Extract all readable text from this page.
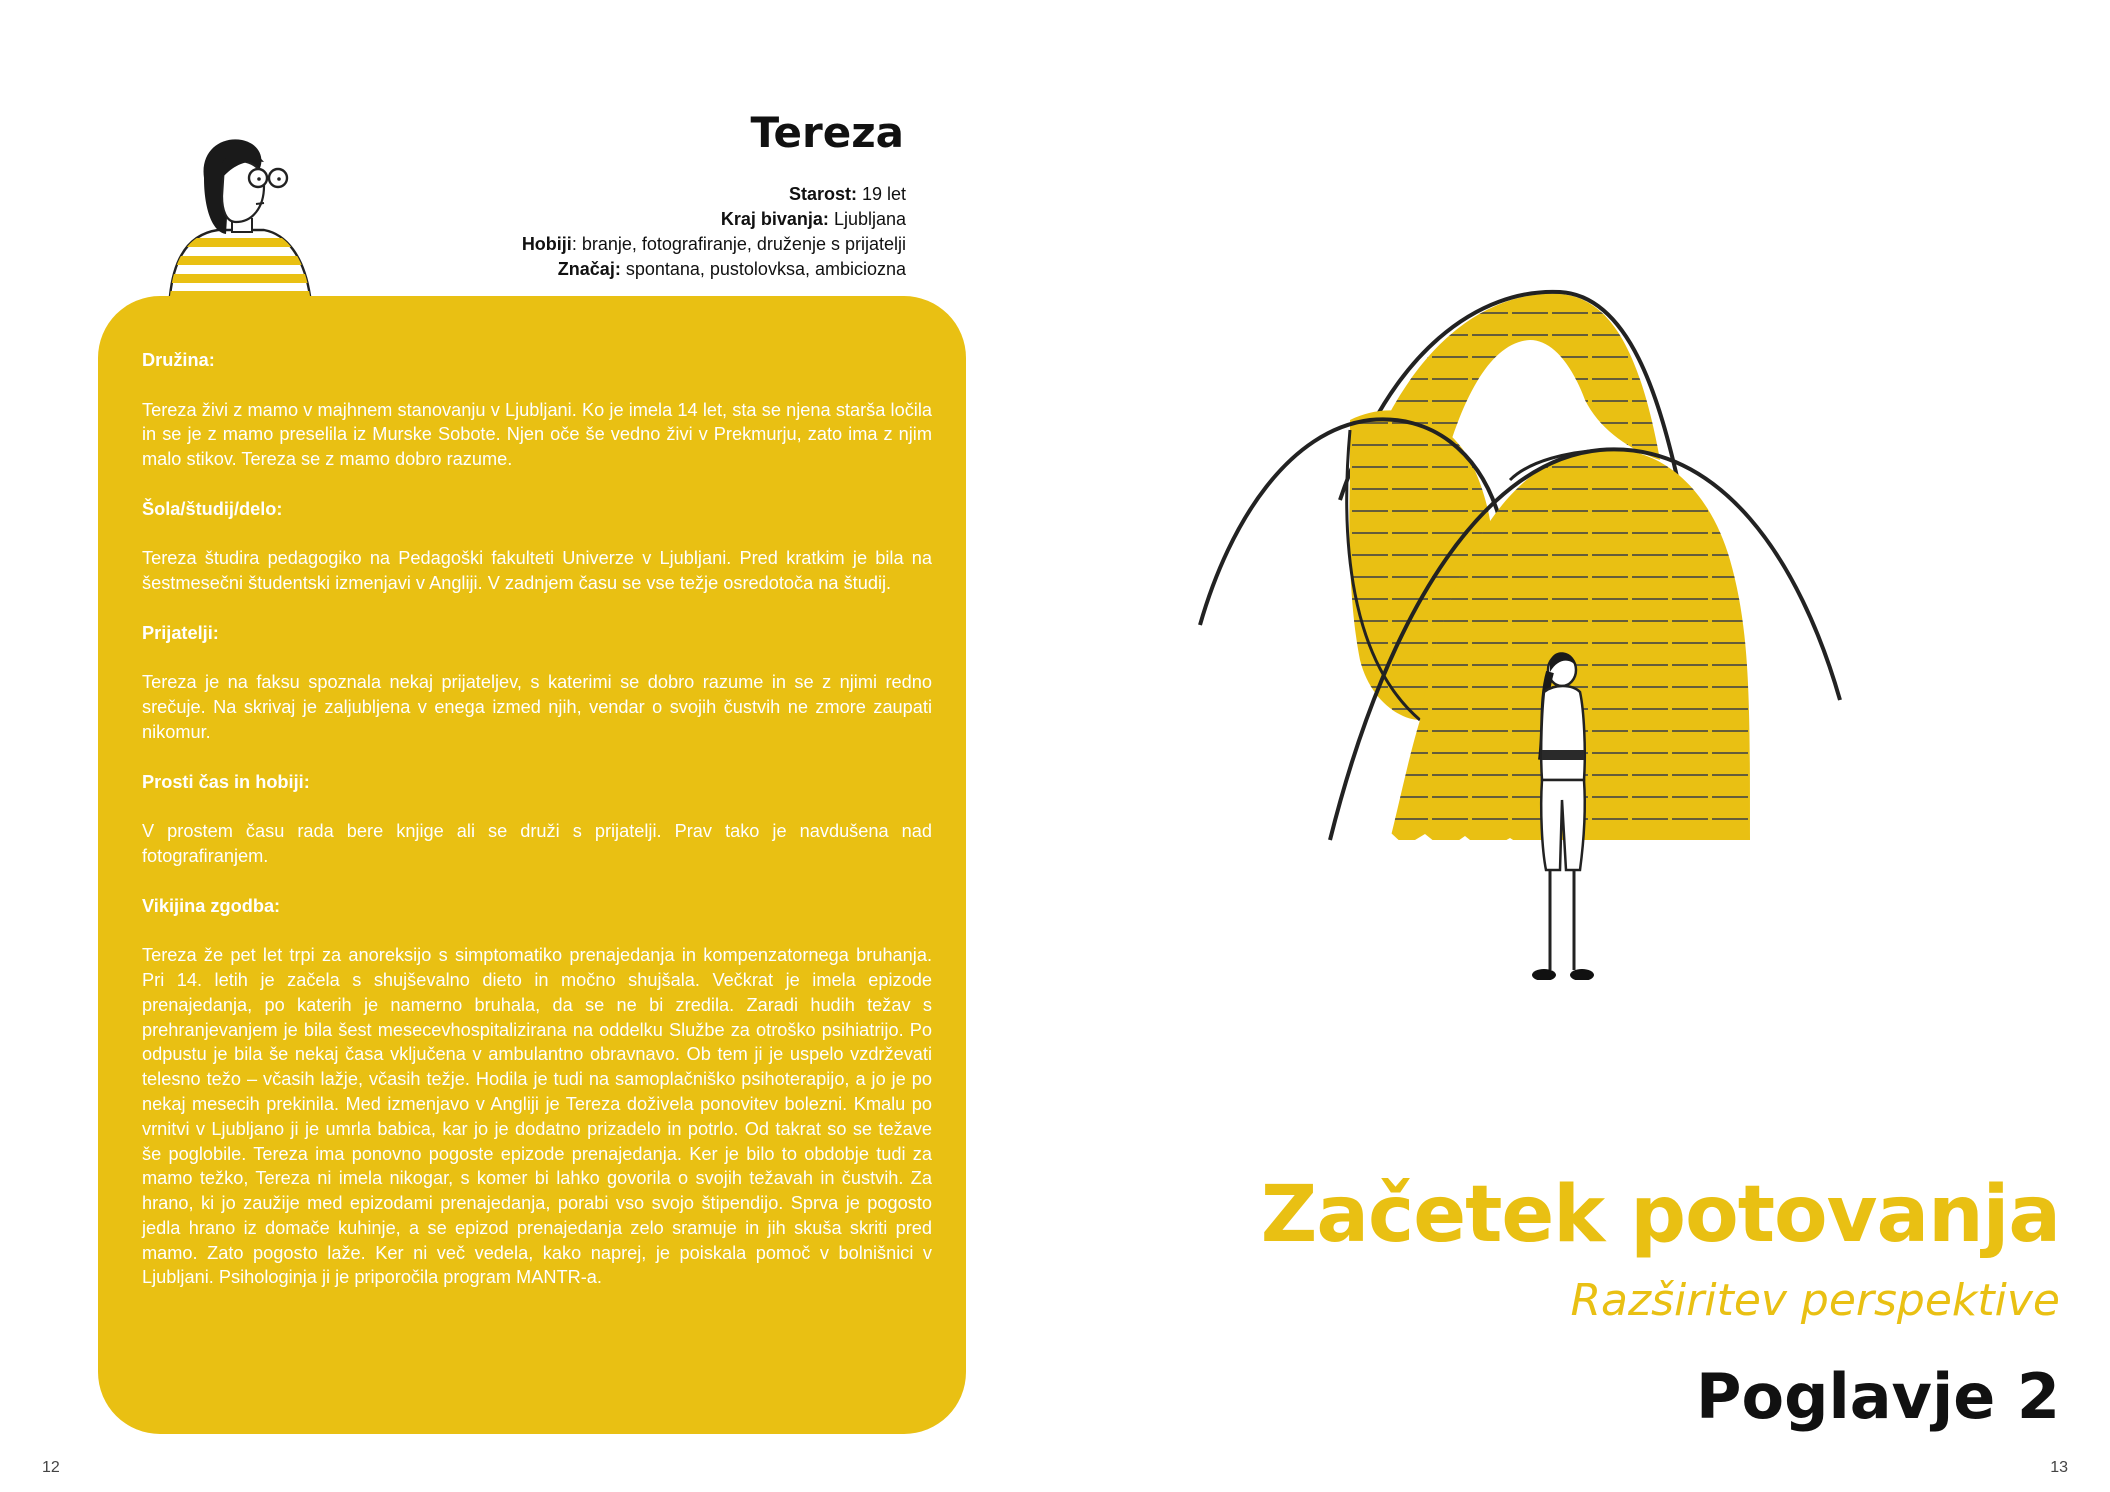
Tereza
Starost: 19 let
Kraj bivanja: Ljubljana
Hobiji: branje, fotografiranje, druženje s prijatelji
Značaj: spontana, pustolovksa, ambiciozna
Družina:

Tereza živi z mamo v majhnem stanovanju v Ljubljani. Ko je imela 14 let, sta se njena starša ločila in se je z mamo preselila iz Murske Sobote. Njen oče še vedno živi v Prekmurju, zato ima z njim malo stikov. Tereza se z mamo dobro razume.

Šola/študij/delo:

Tereza študira pedagogiko na Pedagoški fakulteti Univerze v Ljubljani. Pred kratkim je bila na šestmesečni študentski izmenjavi v Angliji. V zadnjem času se vse težje osredotoča na študij.

Prijatelji:

Tereza je na faksu spoznala nekaj prijateljev, s katerimi se dobro razume in se z njimi redno srečuje. Na skrivaj je zaljubljena v enega izmed njih, vendar o svojih čustvih ne zmore zaupati nikomur.

Prosti čas in hobiji:

V prostem času rada bere knjige ali se druži s prijatelji. Prav tako je navdušena nad fotografiranjem.

Vikijina zgodba:

Tereza že pet let trpi za anoreksijo s simptomatiko prenajedanja in kompenzatornega bruhanja. Pri 14. letih je začela s shujševalno dieto in močno shujšala. Večkrat je imela epizode prenajedanja, po katerih je namerno bruhala, da se ne bi zredila. Zaradi hudih težav s prehranjevanjem je bila šest mesecevhospitalizirana na oddelku Službe za otroško psihiatrijo. Po odpustu je bila še nekaj časa vključena v ambulantno obravnavo. Ob tem ji je uspelo vzdrževati telesno težo – včasih lažje, včasih težje. Hodila je tudi na samoplačniško psihoterapijo, a jo je po nekaj mesecih prekinila. Med izmenjavo v Angliji je Tereza doživela ponovitev bolezni. Kmalu po vrnitvi v Ljubljano ji je umrla babica, kar jo je dodatno prizadelo in potrlo. Od takrat so se težave še poglobile. Tereza ima ponovno pogoste epizode prenajedanja. Ker je bilo to obdobje tudi za mamo težko, Tereza ni imela nikogar, s komer bi lahko govorila o svojih težavah in čustvih. Za hrano, ki jo zaužije med epizodami prenajedanja, porabi vso svojo štipendijo. Sprva je pogosto jedla hrano iz domače kuhinje, a se epizod prenajedanja zelo sramuje in jih skuša skriti pred mamo. Zato pogosto laže. Ker ni več vedela, kako naprej, je poiskala pomoč v bolnišnici v Ljubljani. Psihologinja ji je priporočila program MANTR-a.

12
Začetek potovanja
Razširitev perspektive
Poglavje 2
13
